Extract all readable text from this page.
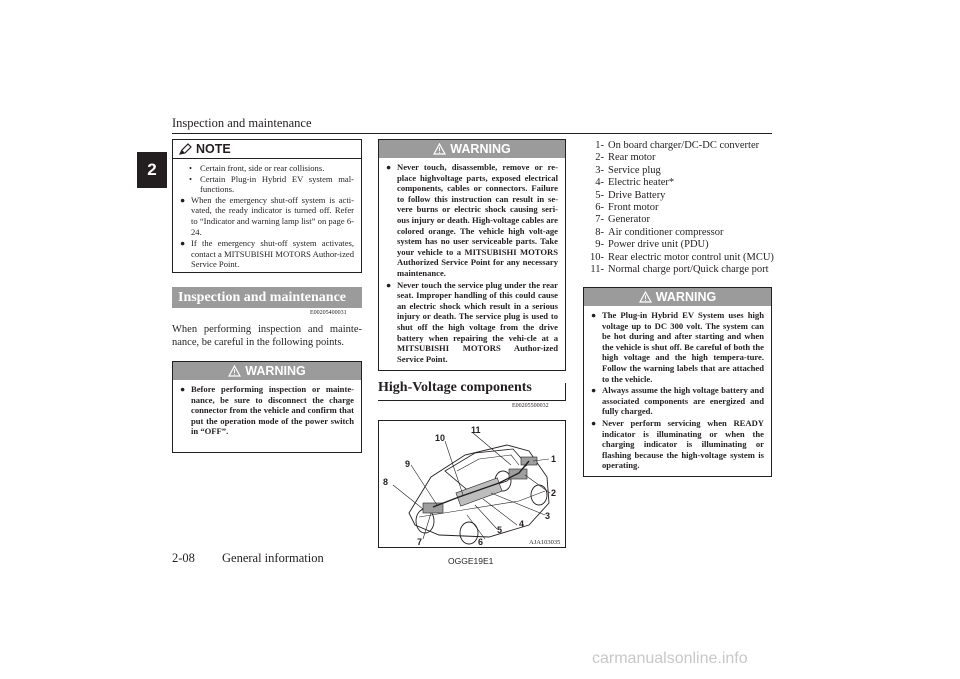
Inspection and maintenance
2
NOTE
• Certain front, side or rear collisions.
• Certain Plug-in Hybrid EV system mal-functions.
● When the emergency shut-off system is acti-vated, the ready indicator is turned off. Refer to “Indicator and warning lamp list” on page 6-24.
● If the emergency shut-off system activates, contact a MITSUBISHI MOTORS Author-ized Service Point.
Inspection and maintenance
E00205400031
When performing inspection and mainte-nance, be careful in the following points.
WARNING
● Before performing inspection or mainte-nance, be sure to disconnect the charge connector from the vehicle and confirm that put the operation mode of the power switch in “OFF”.
WARNING
● Never touch, disassemble, remove or re-place highvoltage parts, exposed electrical components, cables or connectors. Failure to follow this instruction can result in se-vere burns or electric shock causing seri-ous injury or death. High-voltage cables are colored orange. The vehicle high volt-age system has no user serviceable parts. Take your vehicle to a MITSUBISHI MOTORS Authorized Service Point for any necessary maintenance.
● Never touch the service plug under the rear seat. Improper handling of this could cause an electric shock which result in a serious injury or death. The service plug is used to shut off the high voltage from the drive battery when repairing the vehi-cle at a MITSUBISHI MOTORS Author-ized Service Point.
High-Voltage components
E00205500032
1
2
3
4
5
6
7
8
9
10
11
AJA103035
1- On board charger/DC-DC converter
2- Rear motor
3- Service plug
4- Electric heater*
5- Drive Battery
6- Front motor
7- Generator
8- Air conditioner compressor
9- Power drive unit (PDU)
10- Rear electric motor control unit (MCU)
11- Normal charge port/Quick charge port
WARNING
● The Plug-in Hybrid EV System uses high voltage up to DC 300 volt. The system can be hot during and after starting and when the vehicle is shut off. Be careful of both the high voltage and the high tempera-ture. Follow the warning labels that are attached to the vehicle.
● Always assume the high voltage battery and associated components are energized and fully charged.
● Never perform servicing when READY indicator is illuminating or when the charging indicator is illuminating or flashing because the high-voltage system is operating.
2-08 General information	OGGE19E1
carmanualsonline.info
